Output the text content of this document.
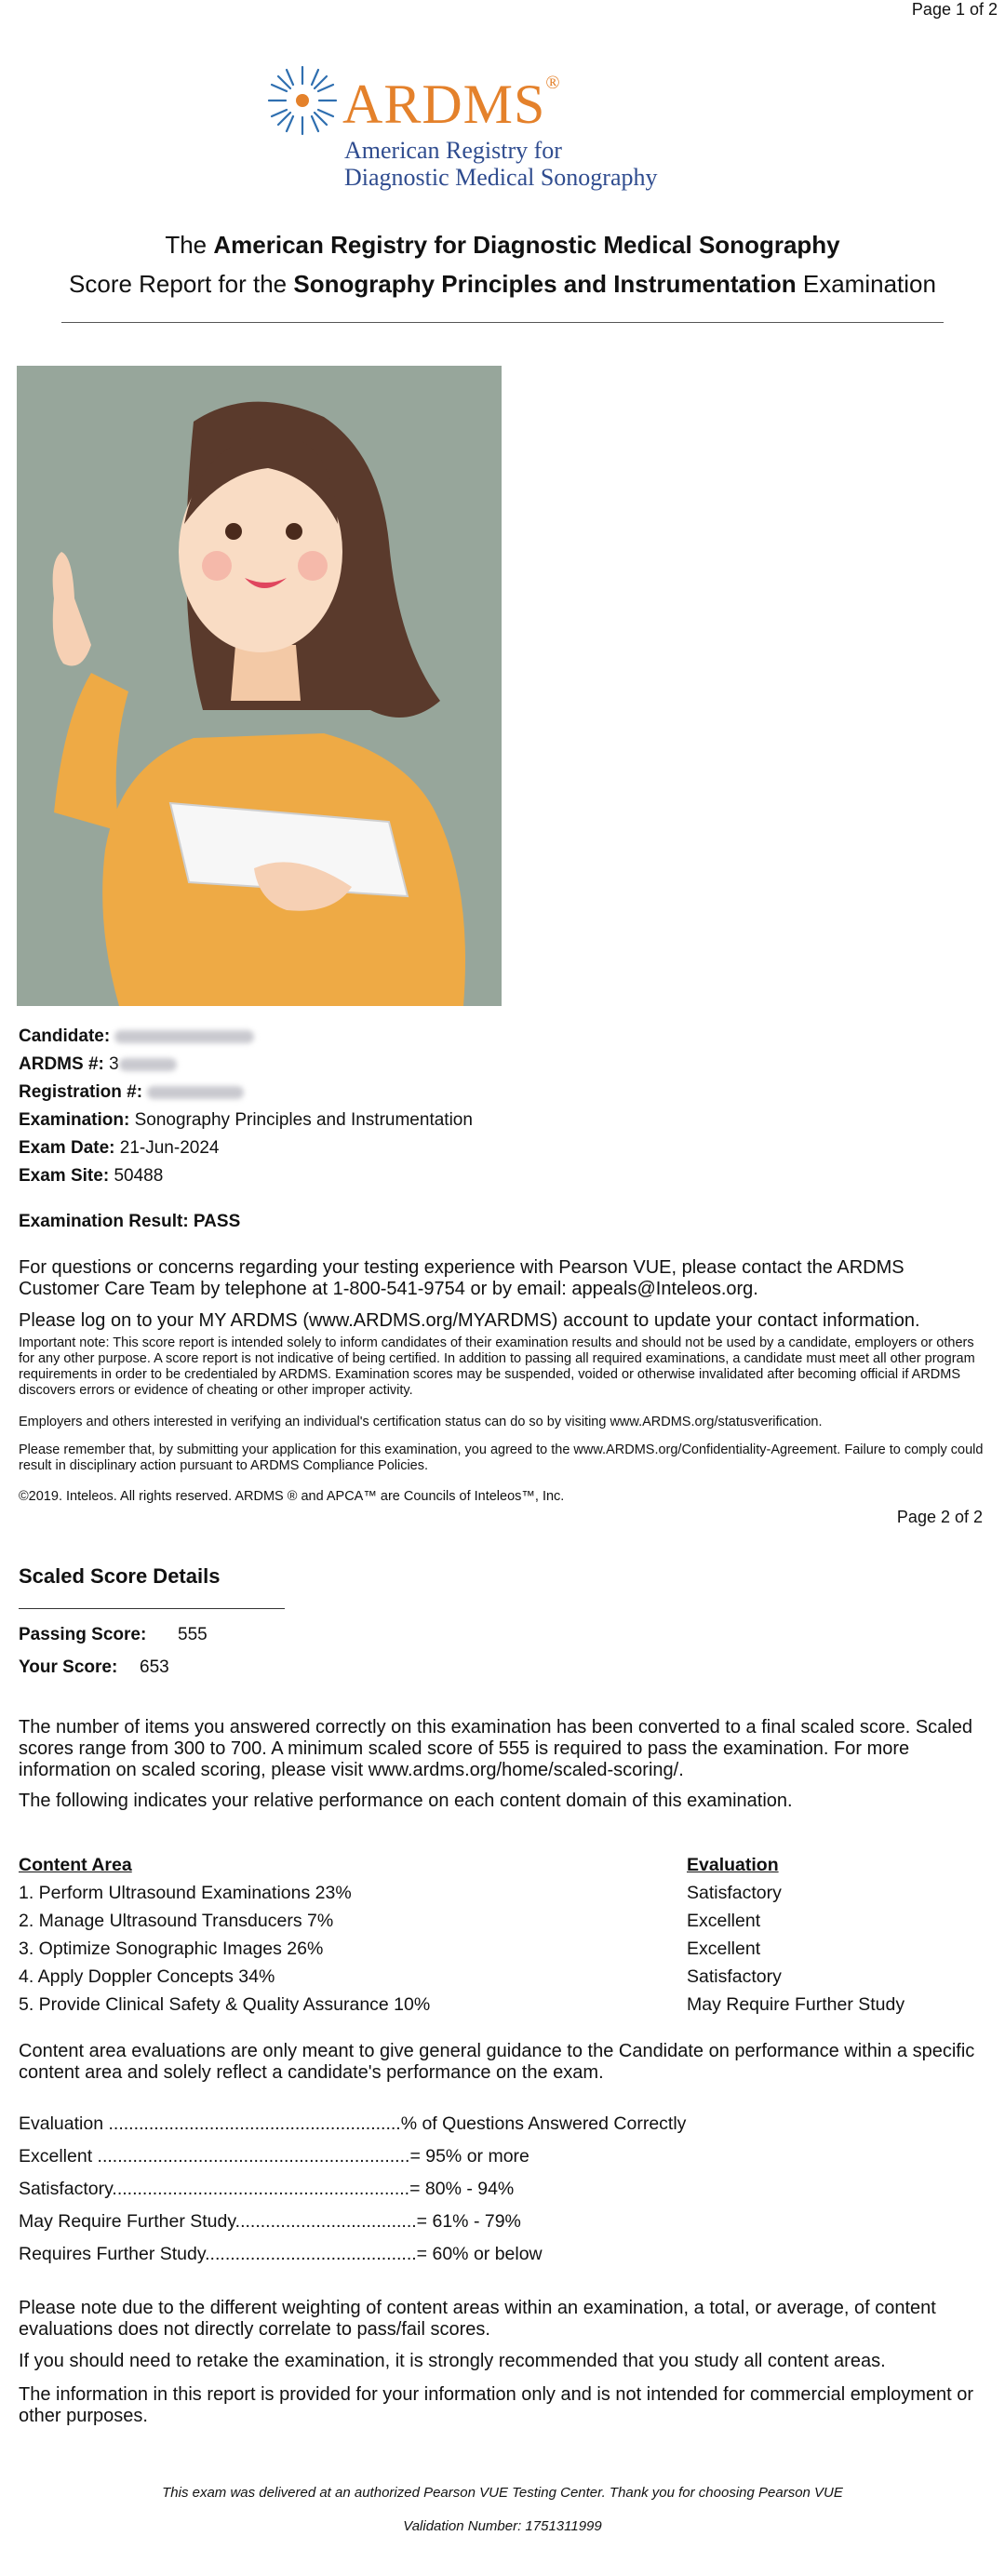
Page 1 of 2
ARDMS®
American Registry for
Diagnostic Medical Sonography
The American Registry for Diagnostic Medical Sonography
Score Report for the Sonography Principles and Instrumentation Examination
Candidate:
ARDMS #: 3
Registration #:
Examination: Sonography Principles and Instrumentation
Exam Date: 21-Jun-2024
Exam Site: 50488
Examination Result: PASS
For questions or concerns regarding your testing experience with Pearson VUE, please contact the ARDMS Customer Care Team by telephone at 1-800-541-9754 or by email: appeals@Inteleos.org.
Please log on to your MY ARDMS (www.ARDMS.org/MYARDMS) account to update your contact information.
Important note: This score report is intended solely to inform candidates of their examination results and should not be used by a candidate, employers or others for any other purpose. A score report is not indicative of being certified. In addition to passing all required examinations, a candidate must meet all other program requirements in order to be credentialed by ARDMS. Examination scores may be suspended, voided or otherwise invalidated after becoming official if ARDMS discovers errors or evidence of cheating or other improper activity.
Employers and others interested in verifying an individual's certification status can do so by visiting www.ARDMS.org/statusverification.
Please remember that, by submitting your application for this examination, you agreed to the www.ARDMS.org/Confidentiality-Agreement. Failure to comply could result in disciplinary action pursuant to ARDMS Compliance Policies.
©2019. Inteleos. All rights reserved. ARDMS ® and APCA™ are Councils of Inteleos™, Inc.
Page 2 of 2
Scaled Score Details
Passing Score: 555
Your Score: 653
The number of items you answered correctly on this examination has been converted to a final scaled score. Scaled scores range from 300 to 700. A minimum scaled score of 555 is required to pass the examination. For more information on scaled scoring, please visit www.ardms.org/home/scaled-scoring/.
The following indicates your relative performance on each content domain of this examination.
Content Area	Evaluation
1. Perform Ultrasound Examinations 23%	Satisfactory
2. Manage Ultrasound Transducers 7%	Excellent
3. Optimize Sonographic Images 26%	Excellent
4. Apply Doppler Concepts 34%	Satisfactory
5. Provide Clinical Safety & Quality Assurance 10%	May Require Further Study
Content area evaluations are only meant to give general guidance to the Candidate on performance within a specific content area and solely reflect a candidate's performance on the exam.
Evaluation ..........................................................% of Questions Answered Correctly
Excellent ..............................................................= 95% or more
Satisfactory...........................................................= 80% - 94%
May Require Further Study....................................= 61% - 79%
Requires Further Study..........................................= 60% or below
Please note due to the different weighting of content areas within an examination, a total, or average, of content evaluations does not directly correlate to pass/fail scores.
If you should need to retake the examination, it is strongly recommended that you study all content areas.
The information in this report is provided for your information only and is not intended for commercial employment or other purposes.
This exam was delivered at an authorized Pearson VUE Testing Center. Thank you for choosing Pearson VUE
Validation Number: 1751311999
